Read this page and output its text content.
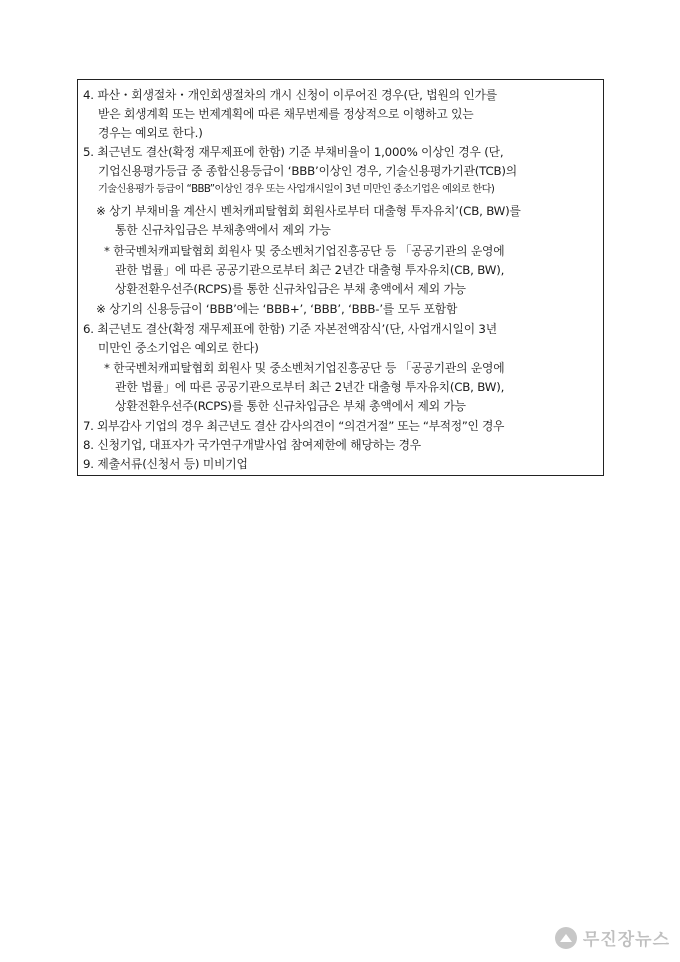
4. 파산・회생절차・개인회생절차의 개시 신청이 이루어진 경우(단, 법원의 인가를
받은 회생계획 또는 번제계획에 따른 채무번제를 정상적으로 이행하고 있는
경우는 예외로 한다.)
5. 최근년도 결산(확정 재무제표에 한함) 기준 부채비율이 1,000% 이상인 경우 (단,
기업신용평가등급 중 종합신용등급이 ‘BBB’이상인 경우, 기술신용평가기관(TCB)의
기술신용평가 등급이 “BBB”이상인 경우 또는 사업개시일이 3년 미만인 중소기업은 예외로 한다)
※ 상기 부채비율 계산시 벤처캐피탈협회 회원사로부터 대출형 투자유치’(CB, BW)를
통한 신규차입금은 부채총액에서 제외 가능
* 한국벤처캐피탈협회 회원사 및 중소벤처기업진흥공단 등 「공공기관의 운영에
관한 법률」에 따른 공공기관으로부터 최근 2년간 대출형 투자유치(CB, BW),
상환전환우선주(RCPS)를 통한 신규차입금은 부채 총액에서 제외 가능
※ 상기의 신용등급이 ‘BBB’에는 ‘BBB+’, ‘BBB’, ‘BBB-’를 모두 포함함
6. 최근년도 결산(확정 재무제표에 한함) 기준 자본전액잠식’(단, 사업개시일이 3년
미만인 중소기업은 예외로 한다)
* 한국벤처캐피탈협회 회원사 및 중소벤처기업진흥공단 등 「공공기관의 운영에
관한 법률」에 따른 공공기관으로부터 최근 2년간 대출형 투자유치(CB, BW),
상환전환우선주(RCPS)를 통한 신규차입금은 부채 총액에서 제외 가능
7. 외부감사 기업의 경우 최근년도 결산 감사의견이 “의견거절” 또는 “부적정”인 경우
8. 신청기업, 대표자가 국가연구개발사업 참여제한에 해당하는 경우
9. 제출서류(신청서 등) 미비기업
무진장뉴스
